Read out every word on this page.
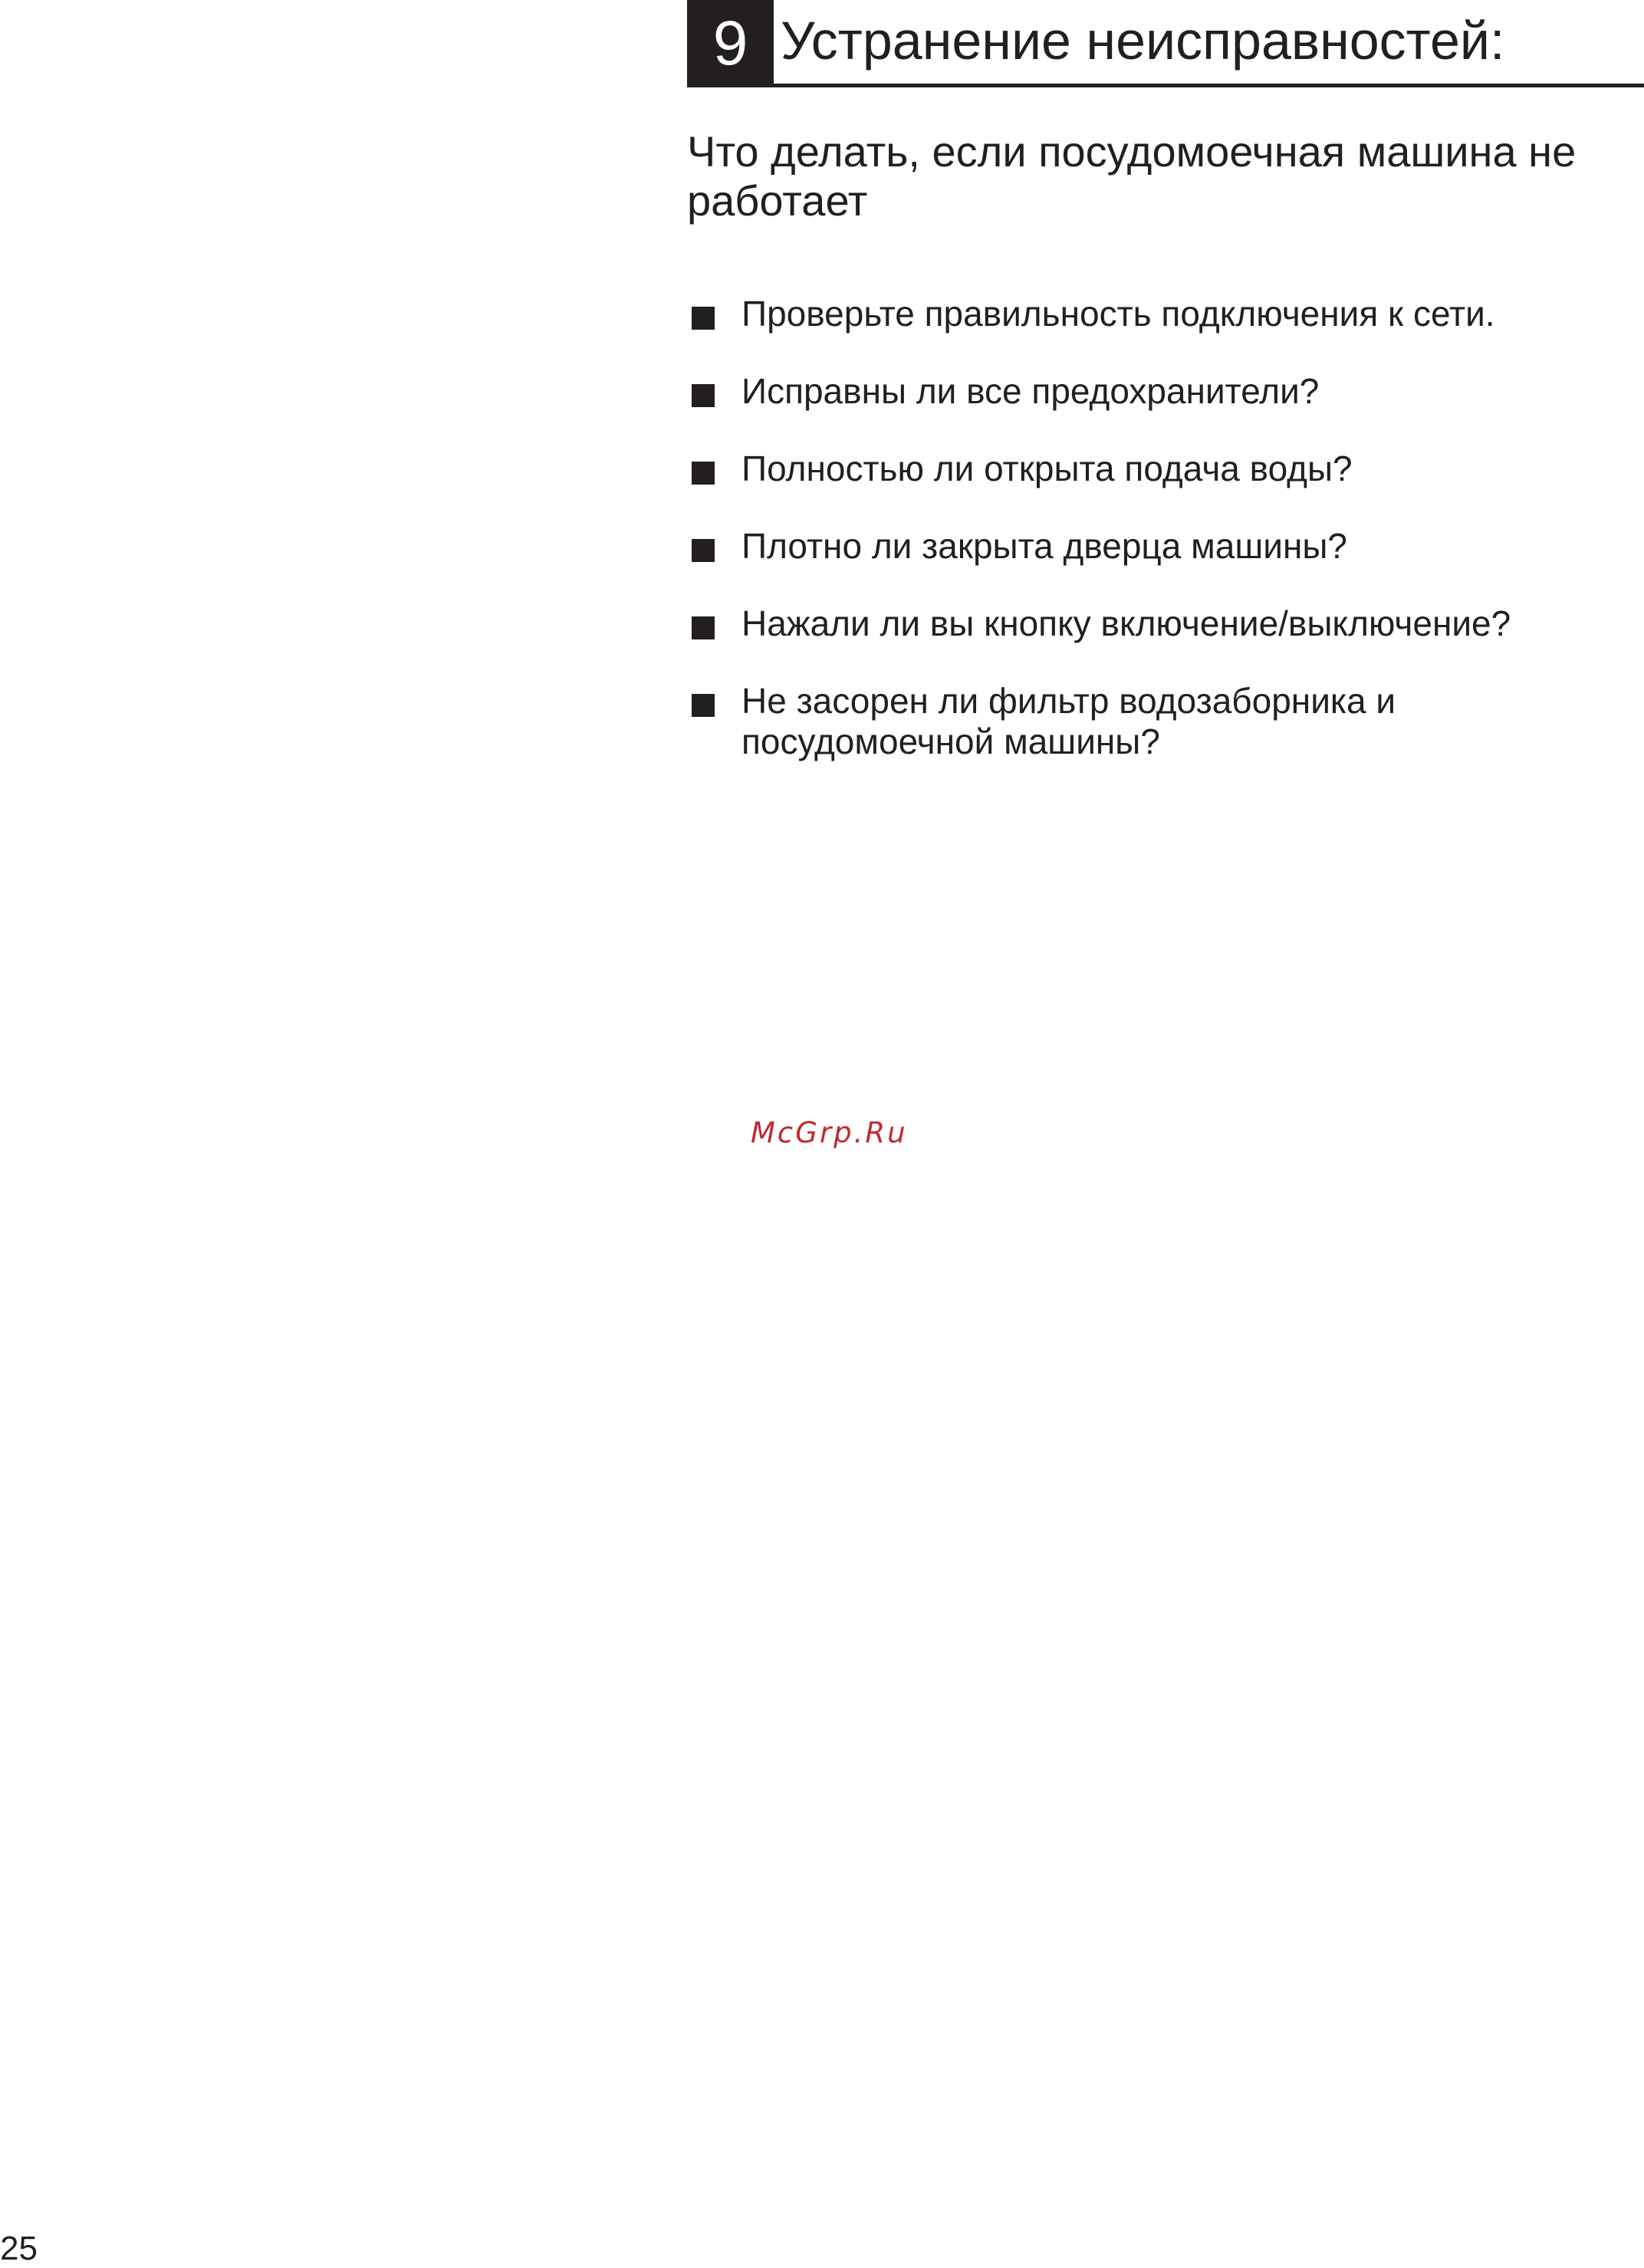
9 Устранение неисправностей:
Что делать, если посудомоечная машина не работает
Проверьте правильность подключения к сети.
Исправны ли все предохранители?
Полностью ли открыта подача воды?
Плотно ли закрыта дверца машины?
Нажали ли вы кнопку включение/выключение?
Не засорен ли фильтр водозаборника и посудомоечной машины?
McGrp.Ru
25
